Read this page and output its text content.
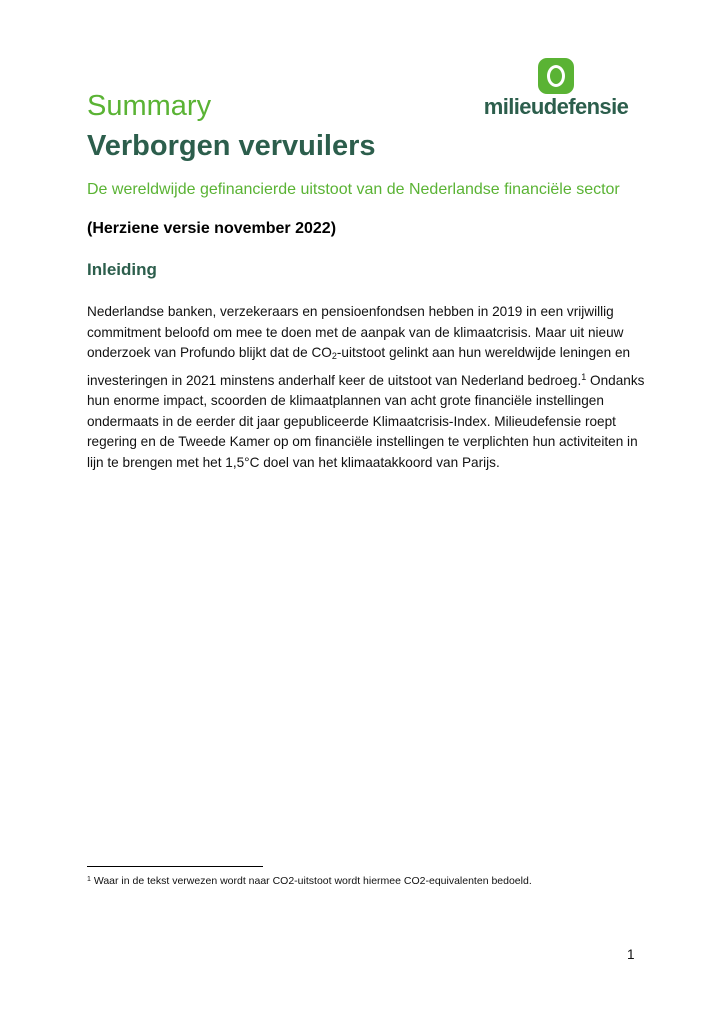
milieudefensie
Summary
Verborgen vervuilers
De wereldwijde gefinancierde uitstoot van de Nederlandse financiële sector
(Herziene versie november 2022)
Inleiding

Nederlandse banken, verzekeraars en pensioenfondsen hebben in 2019 in een vrijwillig commitment beloofd om mee te doen met de aanpak van de klimaatcrisis. Maar uit nieuw onderzoek van Profundo blijkt dat de $CO_2$-uitstoot gelinkt aan hun wereldwijde leningen en investeringen in 2021 minstens anderhalf keer de uitstoot van Nederland bedroeg.$^1$ Ondanks hun enorme impact, scoorden de klimaatplannen van acht grote financiële instellingen ondermaats in de eerder dit jaar gepubliceerde Klimaatcrisis-Index. Milieudefensie roept regering en de Tweede Kamer op om financiële instellingen te verplichten hun activiteiten in lijn te brengen met het 1,5°C doel van het klimaatakkoord van Parijs.

$^1$ Waar in de tekst verwezen wordt naar CO2-uitstoot wordt hiermee CO2-equivalenten bedoeld.
1
